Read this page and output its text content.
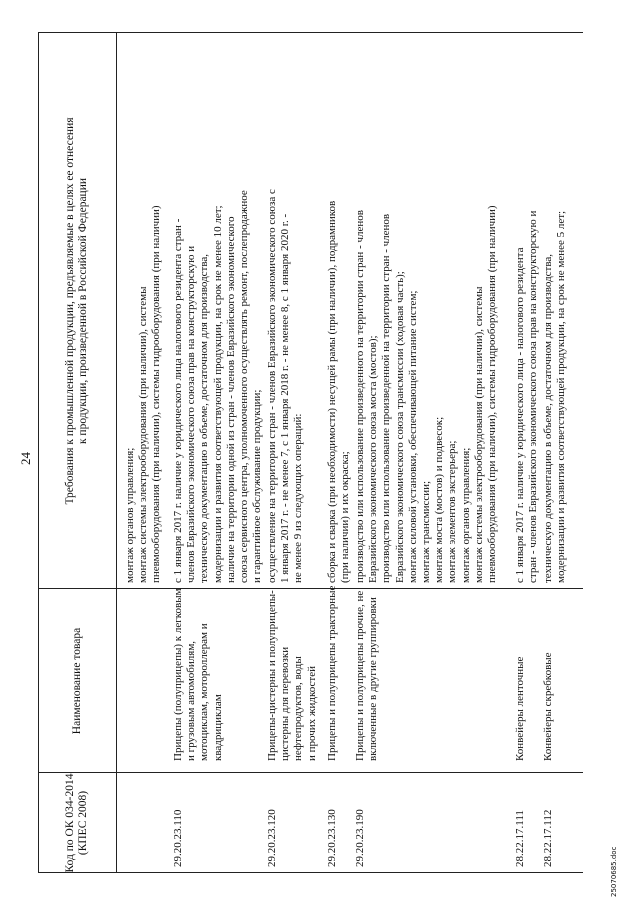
24
Код по ОК 034-2014 (КПЕС 2008)
Наименование товара
Требования к промышленной продукции, предъявляемые в целях ее отнесения к продукции, произведенной в Российской Федерации
монтаж органов управления; монтаж системы электрооборудования (при наличии), системы пневмооборудования (при наличии), системы гидрооборудования (при наличии)
29.20.23.110
Прицепы (полуприцепы) к легковым и грузовым автомобилям, мотоциклам, мотороллерам и квадрициклам
с 1 января 2017 г. наличие у юридического лица налогового резидента стран - членов Евразийского экономического союза прав на конструкторскую и техническую документацию в объеме, достаточном для производства, модернизации и развития соответствующей продукции, на срок не менее 10 лет; наличие на территории одной из стран - членов Евразийского экономического союза сервисного центра, уполномоченного осуществлять ремонт, послепродажное и гарантийное обслуживание продукции;
29.20.23.120
Прицепы-цистерны и полуприцепы- цистерны для перевозки нефтепродуктов, воды и прочих жидкостей
осуществление на территории стран - членов Евразийского экономического союза с 1 января 2017 г. - не менее 7, с 1 января 2018 г. - не менее 8, с 1 января 2020 г. - не менее 9 из следующих операций:
29.20.23.130
Прицепы и полуприцепы тракторные
сборка и сварка (при необходимости) несущей рамы (при наличии), подрамников (при наличии) и их окраска;
29.20.23.190
Прицепы и полуприцепы прочие, не включенные в другие группировки
производство или использование произведенного на территории стран - членов Евразийского экономического союза моста (мостов); производство или использование произведенной на территории стран - членов Евразийского экономического союза трансмиссии (ходовая часть); монтаж силовой установки, обеспечивающей питание систем; монтаж трансмиссии; монтаж моста (мостов) и подвесок; монтаж элементов экстерьера; монтаж органов управления; монтаж системы электрооборудования (при наличии), системы пневмооборудования (при наличии), системы гидрооборудования (при наличии)
28.22.17.111
Конвейеры ленточные
с 1 января 2017 г. наличие у юридического лица - налогового резидента стран - членов Евразийского экономического союза прав на конструкторскую и
28.22.17.112
Конвейеры скребковые
техническую документацию в объеме, достаточном для производства, модернизации и развития соответствующей продукции, на срок не менее 5 лет;
25070685.doc
